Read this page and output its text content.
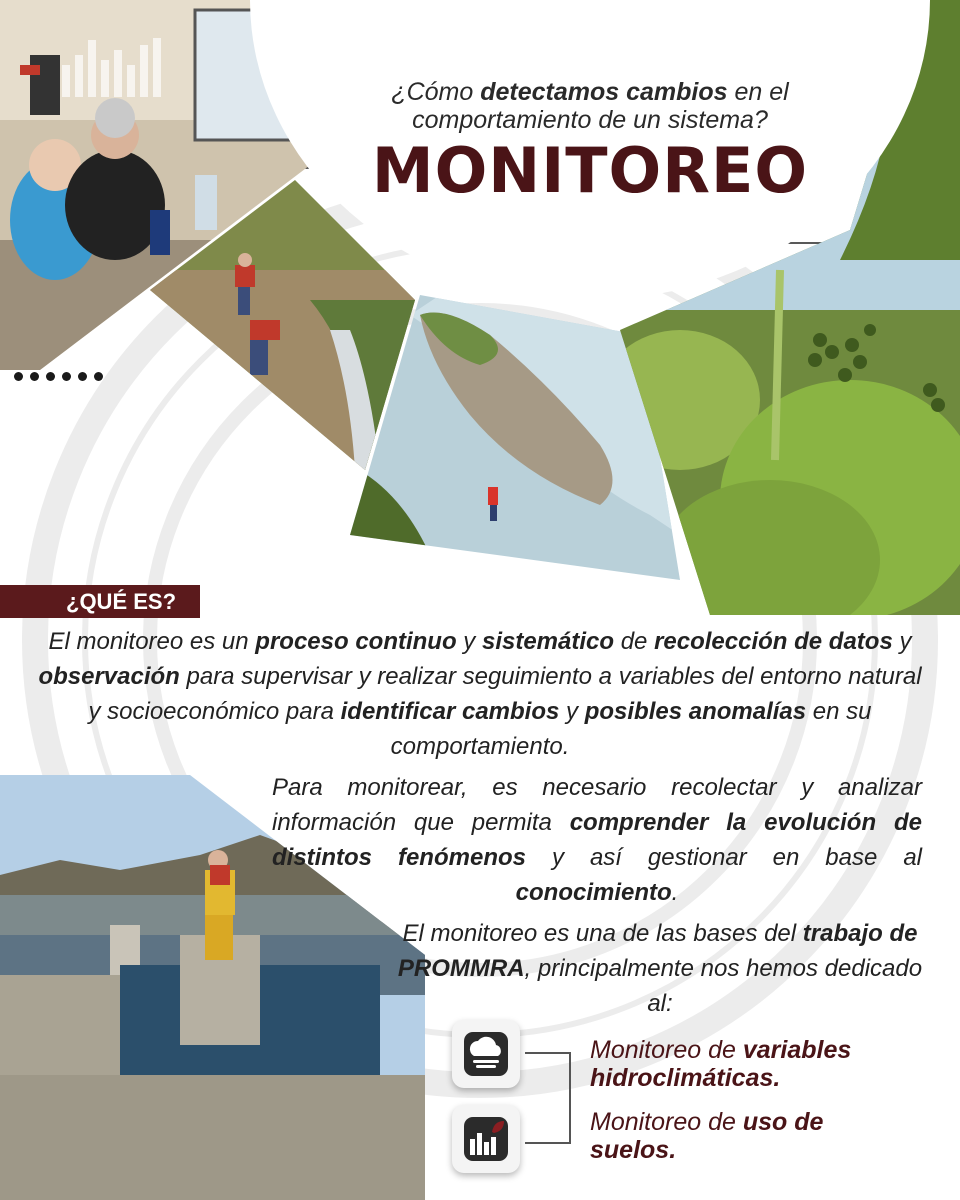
¿Cómo detectamos cambios en el comportamiento de un sistema?
MONITOREO
¿QUÉ ES?
El monitoreo es un proceso continuo y sistemático de recolección de datos y observación para supervisar y realizar seguimiento a variables del entorno natural y socioeconómico para identificar cambios y posibles anomalías en su comportamiento.
Para monitorear, es necesario recolectar y analizar información que permita comprender la evolución de distintos fenómenos y así gestionar en base al conocimiento.
El monitoreo es una de las bases del trabajo de PROMMRA, principalmente nos hemos dedicado al:
Monitoreo de variables hidroclimáticas.
Monitoreo de uso de suelos.
